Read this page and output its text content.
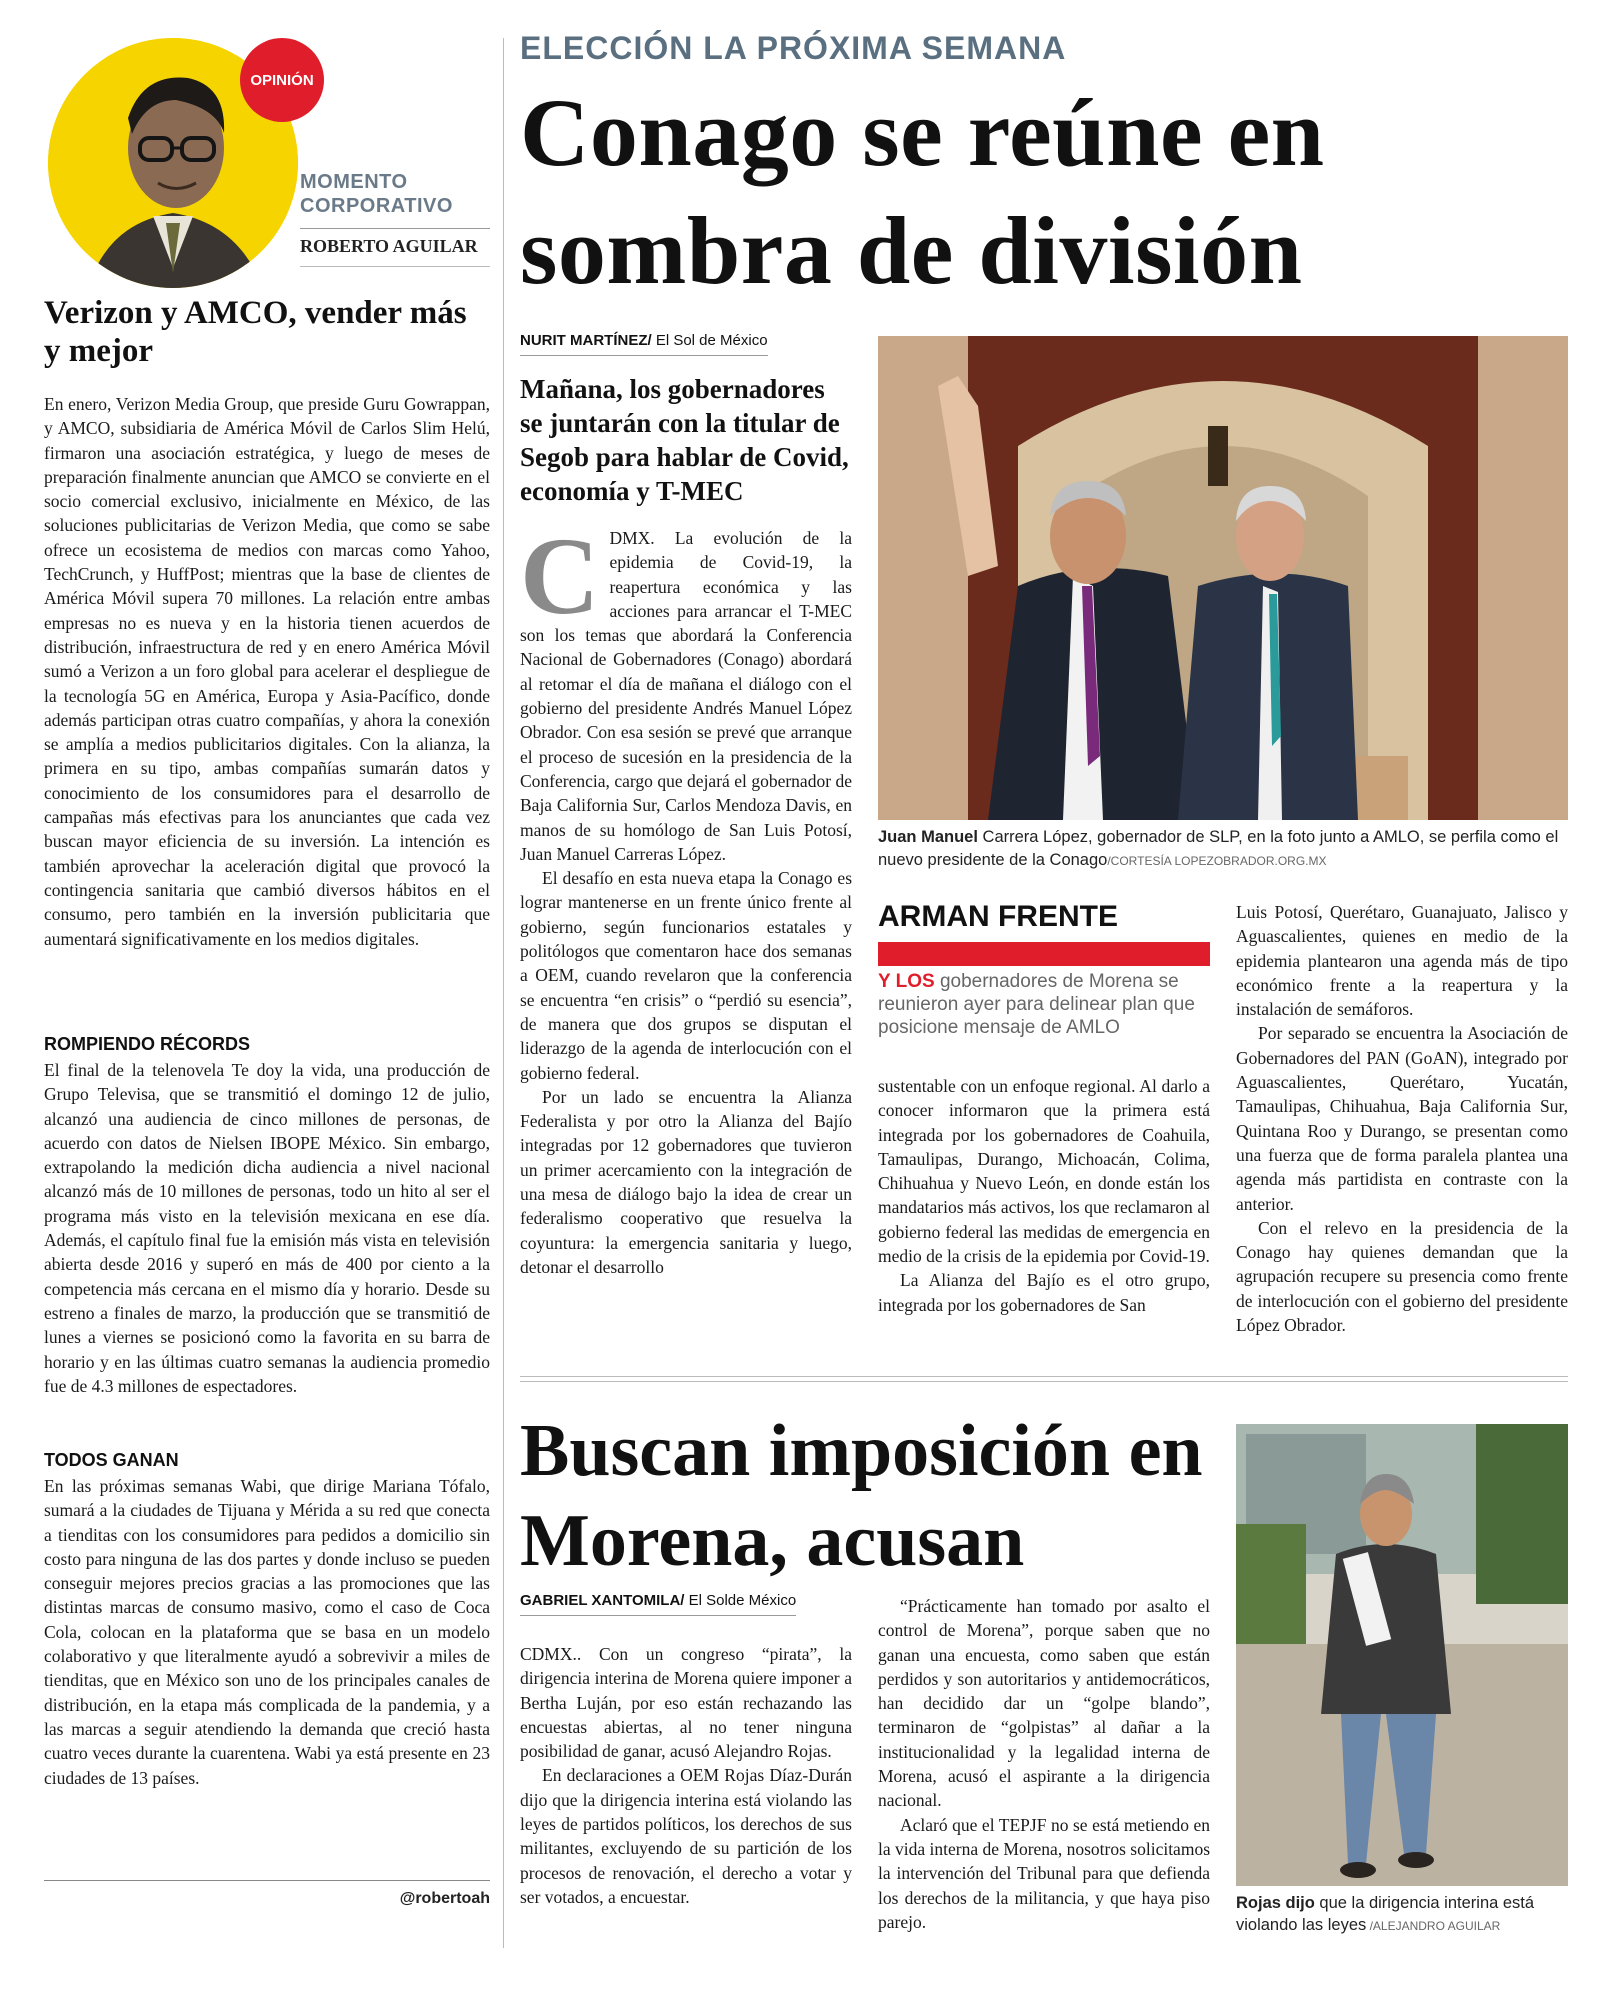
OPINIÓN
MOMENTO
CORPORATIVO
ROBERTO AGUILAR
Verizon y AMCO, vender más y mejor

En enero, Verizon Media Group, que preside Guru Gowrappan, y AMCO, subsidiaria de América Móvil de Carlos Slim Helú, firmaron una asociación estratégica, y luego de meses de preparación finalmente anuncian que AMCO se convierte en el socio comercial exclusivo, inicialmente en México, de las soluciones publicitarias de Verizon Media, que como se sabe ofrece un ecosistema de medios con marcas como Yahoo, TechCrunch, y HuffPost; mientras que la base de clientes de América Móvil supera 70 millones. La relación entre ambas empresas no es nueva y en la historia tienen acuerdos de distribución, infraestructura de red y en enero América Móvil sumó a Verizon a un foro global para acelerar el despliegue de la tecnología 5G en América, Europa y Asia-Pacífico, donde además participan otras cuatro compañías, y ahora la conexión se amplía a medios publicitarios digitales. Con la alianza, la primera en su tipo, ambas compañías sumarán datos y conocimiento de los consumidores para el desarrollo de campañas más efectivas para los anunciantes que cada vez buscan mayor eficiencia de su inversión. La intención es también aprovechar la aceleración digital que provocó la contingencia sanitaria que cambió diversos hábitos en el consumo, pero también en la inversión publicitaria que aumentará significativamente en los medios digitales.

ROMPIENDO RÉCORDS

El final de la telenovela Te doy la vida, una producción de Grupo Televisa, que se transmitió el domingo 12 de julio, alcanzó una audiencia de cinco millones de personas, de acuerdo con datos de Nielsen IBOPE México. Sin embargo, extrapolando la medición dicha audiencia a nivel nacional alcanzó más de 10 millones de personas, todo un hito al ser el programa más visto en la televisión mexicana en ese día. Además, el capítulo final fue la emisión más vista en televisión abierta desde 2016 y superó en más de 400 por ciento a la competencia más cercana en el mismo día y horario. Desde su estreno a finales de marzo, la producción que se transmitió de lunes a viernes se posicionó como la favorita en su barra de horario y en las últimas cuatro semanas la audiencia promedio fue de 4.3 millones de espectadores.

TODOS GANAN

En las próximas semanas Wabi, que dirige Mariana Tófalo, sumará a la ciudades de Tijuana y Mérida a su red que conecta a tienditas con los consumidores para pedidos a domicilio sin costo para ninguna de las dos partes y donde incluso se pueden conseguir mejores precios gracias a las promociones que las distintas marcas de consumo masivo, como el caso de Coca Cola, colocan en la plataforma que se basa en un modelo colaborativo y que literalmente ayudó a sobrevivir a miles de tienditas, que en México son uno de los principales canales de distribución, en la etapa más complicada de la pandemia, y a las marcas a seguir atendiendo la demanda que creció hasta cuatro veces durante la cuarentena. Wabi ya está presente en 23 ciudades de 13 países.

@robertoah
ELECCIÓN LA PRÓXIMA SEMANA
Conago se reúne en sombra de división
NURIT MARTÍNEZ/ El Sol de México
Mañana, los gobernadores se juntarán con la titular de Segob para hablar de Covid, economía y T-MEC
C DMX. La evolución de la epidemia de Covid-19, la reapertura económica y las acciones para arrancar el T-MEC son los temas que abordará la Conferencia Nacional de Gobernadores (Conago) abordará al retomar el día de mañana el diálogo con el gobierno del presidente Andrés Manuel López Obrador. Con esa sesión se prevé que arranque el proceso de sucesión en la presidencia de la Conferencia, cargo que dejará el gobernador de Baja California Sur, Carlos Mendoza Davis, en manos de su homólogo de San Luis Potosí, Juan Manuel Carreras López.

El desafío en esta nueva etapa la Conago es lograr mantenerse en un frente único frente al gobierno, según funcionarios estatales y politólogos que comentaron hace dos semanas a OEM, cuando revelaron que la conferencia se encuentra “en crisis” o “perdió su esencia”, de manera que dos grupos se disputan el liderazgo de la agenda de interlocución con el gobierno federal.

Por un lado se encuentra la Alianza Federalista y por otro la Alianza del Bajío integradas por 12 gobernadores que tuvieron un primer acercamiento con la integración de una mesa de diálogo bajo la idea de crear un federalismo cooperativo que resuelva la coyuntura: la emergencia sanitaria y luego, detonar el desarrollo

Juan Manuel Carrera López, gobernador de SLP, en la foto junto a AMLO, se perfila como el nuevo presidente de la Conago/CORTESÍA LOPEZOBRADOR.ORG.MX
ARMAN FRENTE
Y LOS gobernadores de Morena se reunieron ayer para delinear plan que posicione mensaje de AMLO

sustentable con un enfoque regional. Al darlo a conocer informaron que la primera está integrada por los gobernadores de Coahuila, Tamaulipas, Durango, Michoacán, Colima, Chihuahua y Nuevo León, en donde están los mandatarios más activos, los que reclamaron al gobierno federal las medidas de emergencia en medio de la crisis de la epidemia por Covid-19.

La Alianza del Bajío es el otro grupo, integrada por los gobernadores de San

Luis Potosí, Querétaro, Guanajuato, Jalisco y Aguascalientes, quienes en medio de la epidemia plantearon una agenda más de tipo económico frente a la reapertura y la instalación de semáforos.

Por separado se encuentra la Asociación de Gobernadores del PAN (GoAN), integrado por Aguascalientes, Querétaro, Yucatán, Tamaulipas, Chihuahua, Baja California Sur, Quintana Roo y Durango, se presentan como una fuerza que de forma paralela plantea una agenda más partidista en contraste con la anterior.

Con el relevo en la presidencia de la Conago hay quienes demandan que la agrupación recupere su presencia como frente de interlocución con el gobierno del presidente López Obrador.

Buscan imposición en Morena, acusan
GABRIEL XANTOMILA/ El Solde México

CDMX.. Con un congreso “pirata”, la dirigencia interina de Morena quiere imponer a Bertha Luján, por eso están rechazando las encuestas abiertas, al no tener ninguna posibilidad de ganar, acusó Alejandro Rojas.

En declaraciones a OEM Rojas Díaz-Durán dijo que la dirigencia interina está violando las leyes de partidos políticos, los derechos de sus militantes, excluyendo de su partición de los procesos de renovación, el derecho a votar y ser votados, a encuestar.

“Prácticamente han tomado por asalto el control de Morena”, porque saben que no ganan una encuesta, como saben que están perdidos y son autoritarios y antidemocráticos, han decidido dar un “golpe blando”, terminaron de “golpistas” al dañar a la institucionalidad y la legalidad interna de Morena, acusó el aspirante a la dirigencia nacional.

Aclaró que el TEPJF no se está metiendo en la vida interna de Morena, nosotros solicitamos la intervención del Tribunal para que defienda los derechos de la militancia, y que haya piso parejo.

Rojas dijo que la dirigencia interina está violando las leyes /ALEJANDRO AGUILAR
